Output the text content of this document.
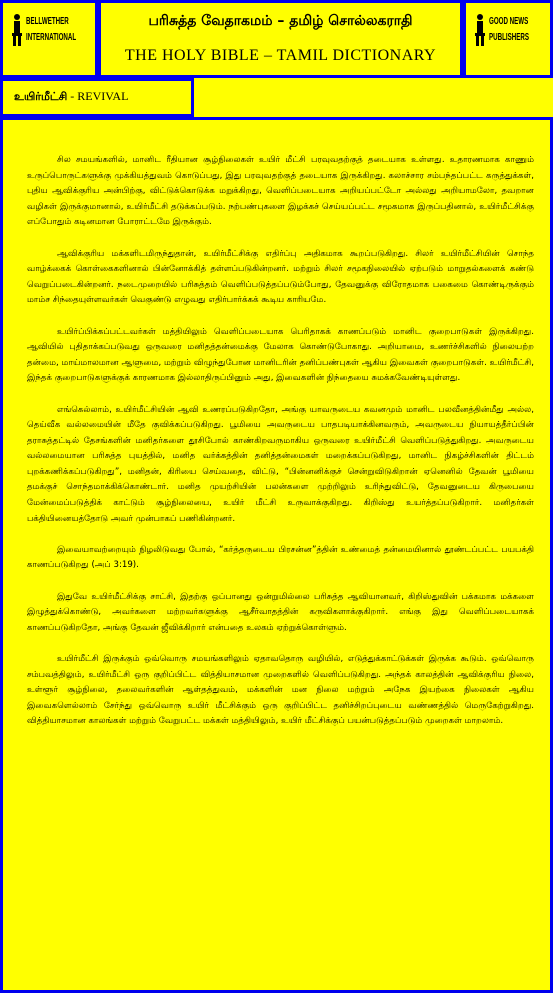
BELLWETHER
INTERNATIONAL
பரிசுத்த வேதாகமம் – தமிழ் சொல்லகராதி
THE HOLY BIBLE – TAMIL DICTIONARY
GOOD NEWS
PUBLISHERS
உயிர்மீட்சி - REVIVAL

சில சமயங்களில், மானிட ரீதியான சூழ்நிலைகள் உயிர் மீட்சி பரவுவதற்குத் தடையாக உள்ளது. உதாரணமாக காணும் உருப்பொருட்களுக்கு முக்கியத்துவம் கொடுப்பது, இது பரவுவதற்குத் தடையாக இருக்கிறது. கலாச்சார சம்பந்தப்பட்ட கருத்துக்கள், புதிய ஆவிக்குரிய அன்பிற்கு, விட்டுக்கொடுக்க மறுக்கிறது, வெளிப்படையாக அறியப்பட்டோ அல்லது அறியாமலோ, தவறான வழிகள் இருக்குமானால், உயிர்மீட்சி தடுக்கப்படும். நற்பண்புகளை இழக்கச் செய்யப்பட்ட சமூகமாக இருப்பதினால், உயிர்மீட்சிக்கு எப்போதும் கடினமான போராட்டமே இருக்கும்.

ஆவிக்குரிய மக்களிடமிருந்துதான், உயிர்மீட்சிக்கு எதிர்ப்பு அதிகமாக கூறப்படுகிறது. சிலர் உயிர்மீட்சியின் சொந்த வாழ்க்கைக் கொள்கைகளினால் பின்னோக்கித் தள்ளப்படுகின்றனர். மற்றும் சிலர் சமூகநிலையில் ஏற்படும் மாறுதல்களைக் கண்டு வெறுப்படைகின்றனர். நடைமுறையில் பரிசுத்தம் வெளிப்படுத்தப்படும்போது, தேவனுக்கு விரோதமாக பகைமை கொண்டிருக்கும் மாம்ச சிந்தையுள்ளவர்கள் வெகுண்டு எழுவது எதிர்பார்க்கக் கூடிய காரியமே.

உயிர்ப்பிக்கப்பட்டவர்கள் மத்தியிலும் வெளிப்படையாக பெரிதாகக் காணப்படும் மானிட குறைபாடுகள் இருக்கிறது. ஆவியில் புதிதாக்கப்படுவது ஒருவரை மனிதத்தன்மைக்கு மேலாக கொண்டுபோகாது. அறியாமை, உணர்ச்சிகளில் நிலையற்ற தன்மை, மாய்மாலமான ஆளுமை, மற்றும் விழுந்துபோன மானிடரின் தனிப்பண்புகள் ஆகிய இவைகள் குறைபாடுகள். உயிர்மீட்சி, இந்தக் குறைபாடுகளுக்குக் காரணமாக இல்லாதிருப்பினும் அது, இவைகளின் நிந்தையை சுமக்கவேண்டியுள்ளது.

எங்கெல்லாம், உயிர்மீட்சியின் ஆவி உணரப்படுகிறதோ, அங்கு யாவருடைய கவனமும் மானிட பலவீனத்தின்மீது அல்ல, தெய்வீக வல்லமையின் மீதே குவிக்கப்படுகிறது. பூமியை அவருடைய பாதபடியாக்கினவரும், அவருடைய நியாயத்தீர்ப்பின் தராசுத்தட்டில் தேசங்களின் மனிதர்களை தூசிபோல் காண்கிறவருமாகிய ஒருவரை உயிர்மீட்சி வெளிப்படுத்துகிறது. அவருடைய வல்லமையான பரிசுத்த புயத்தில், மனித வர்க்கத்தின் தனித்தன்மைகள் மறைக்கப்படுகிறது, மானிட நிகழ்ச்சிகளின் திட்டம் புறக்கணிக்கப்படுகிறது”, மனிதன், கிரியை செய்வதை, விட்டு, “பின்னனிக்குச் சென்றுவிடுகிறான் ஏனெனில் தேவன் பூமியை தமக்குச் சொந்தமாக்கிக்கொண்டார். மனித முயற்சியின் பலன்களை முற்றிலும் உரிந்துவிட்டு, தேவனுடைய கிருபையை மேன்மைப்படுத்திக் காட்டும் சூழ்நிலையை, உயிர் மீட்சி உருவாக்குகிறது. கிறிஸ்து உயர்த்தப்படுகிறார். மனிதர்கள் பக்தியினையத்தோடு அவர் முன்பாகப் பணிகின்றனர்.

இவையாவற்றையும் நிழலிடுவது போல், “கர்த்தருடைய பிரசன்ன”த்தின் உண்மைத் தன்மையினால் தூண்டப்பட்ட பயபக்தி காணப்படுகிறது (அப் 3:19).

இதுவே உயிர்மீட்சிக்கு சாட்சி, இதற்கு ஒப்பானது ஒன்றுமில்லை பரிசுத்த ஆவியானவர், கிறிஸ்துவின் பக்கமாக மக்களை இழுத்துக்கொண்டு, அவர்களை மற்றவர்களுக்கு ஆசீர்வாதத்தின் கருவிகளாக்குகிறார். எங்கு இது வெளிப்படையாகக் காணப்படுகிறதோ, அங்கு தேவன் ஜீவிக்கிறார் என்பதை உலகம் ஏற்றுக்கொள்ளும்.

உயிர்மீட்சி இருக்கும் ஒவ்வொரு சமயங்களிலும் ஏதாவதொரு வழியில், எடுத்துக்காட்டுக்கள் இருக்க கூடும். ஒவ்வொரு சம்பவத்திலும், உயிர்மீட்சி ஒரு குறிப்பிட்ட வித்தியாசமான முறைகளில் வெளிப்படுகிறது. அந்தக் காலத்தின் ஆவிக்குரிய நிலை, உள்ளூர் சூழ்நிலை, தலைவர்களின் ஆள்தத்துவம், மக்களின் மன நிலை மற்றும் அநேக இயற்கை நிலைகள் ஆகிய இவைகளெல்லாம் சேர்ந்து ஒவ்வொரு உயிர் மீட்சிக்கும் ஒரு குறிப்பிட்ட தனிச்சிறப்புடைய வண்ணத்தில் மெருகேற்றுகிறது. வித்தியாசமான காலங்கள் மற்றும் வேறுபட்ட மக்கள் மத்தியிலும், உயிர் மீட்சிக்குப் பயன்படுத்தப்படும் முறைகள் மாறலாம்.
